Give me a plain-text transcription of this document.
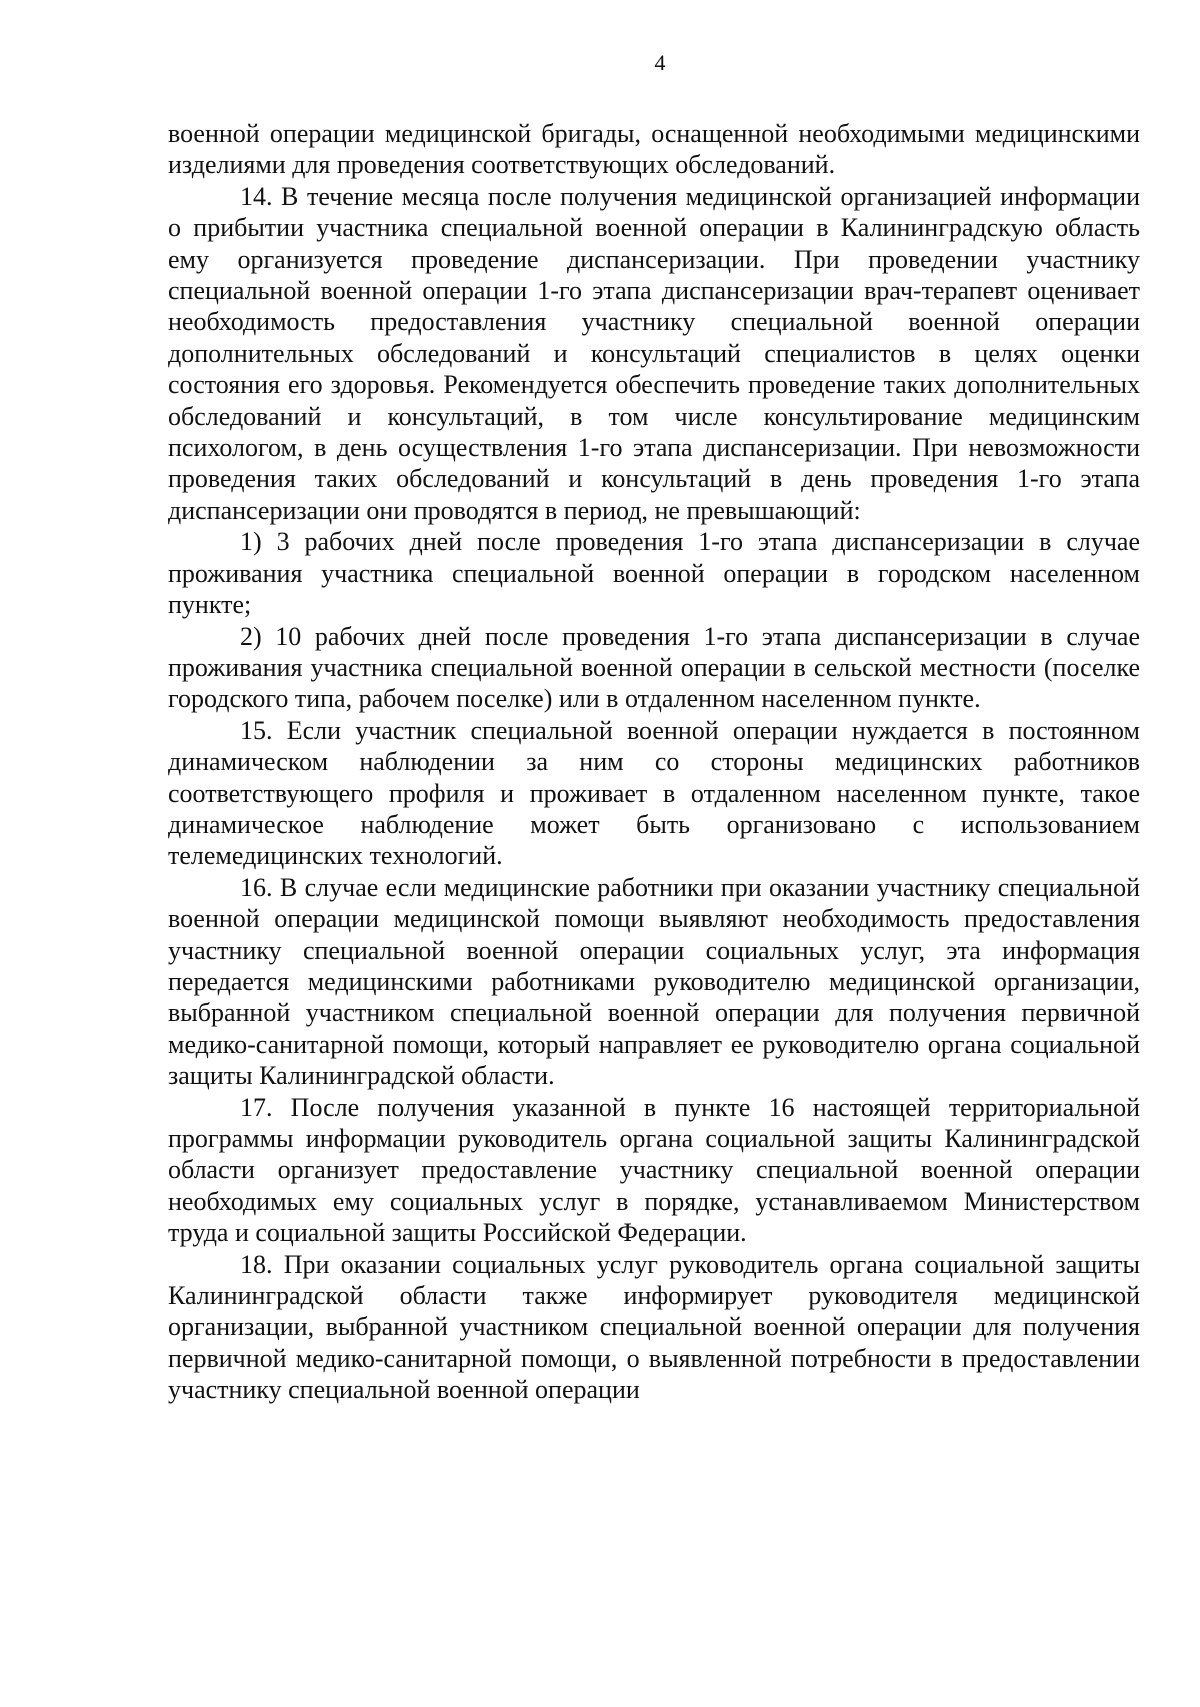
4

военной операции медицинской бригады, оснащенной необходимыми медицинскими изделиями для проведения соответствующих обследований.

14. В течение месяца после получения медицинской организацией информации о прибытии участника специальной военной операции в Калининградскую область ему организуется проведение диспансеризации. При проведении участнику специальной военной операции 1-го этапа диспансеризации врач-терапевт оценивает необходимость предоставления участнику специальной военной операции дополнительных обследований и консультаций специалистов в целях оценки состояния его здоровья. Рекомендуется обеспечить проведение таких дополнительных обследований и консультаций, в том числе консультирование медицинским психологом, в день осуществления 1-го этапа диспансеризации. При невозможности проведения таких обследований и консультаций в день проведения 1-го этапа диспансеризации они проводятся в период, не превышающий:

1) 3 рабочих дней после проведения 1-го этапа диспансеризации в случае проживания участника специальной военной операции в городском населенном пункте;

2) 10 рабочих дней после проведения 1-го этапа диспансеризации в случае проживания участника специальной военной операции в сельской местности (поселке городского типа, рабочем поселке) или в отдаленном населенном пункте.

15. Если участник специальной военной операции нуждается в постоянном динамическом наблюдении за ним со стороны медицинских работников соответствующего профиля и проживает в отдаленном населенном пункте, такое динамическое наблюдение может быть организовано с использованием телемедицинских технологий.

16. В случае если медицинские работники при оказании участнику специальной военной операции медицинской помощи выявляют необходимость предоставления участнику специальной военной операции социальных услуг, эта информация передается медицинскими работниками руководителю медицинской организации, выбранной участником специальной военной операции для получения первичной медико-санитарной помощи, который направляет ее руководителю органа социальной защиты Калининградской области.

17. После получения указанной в пункте 16 настоящей территориальной программы информации руководитель органа социальной защиты Калининградской области организует предоставление участнику специальной военной операции необходимых ему социальных услуг в порядке, устанавливаемом Министерством труда и социальной защиты Российской Федерации.

18. При оказании социальных услуг руководитель органа социальной защиты Калининградской области также информирует руководителя медицинской организации, выбранной участником специальной военной операции для получения первичной медико-санитарной помощи, о выявленной потребности в предоставлении участнику специальной военной операции
